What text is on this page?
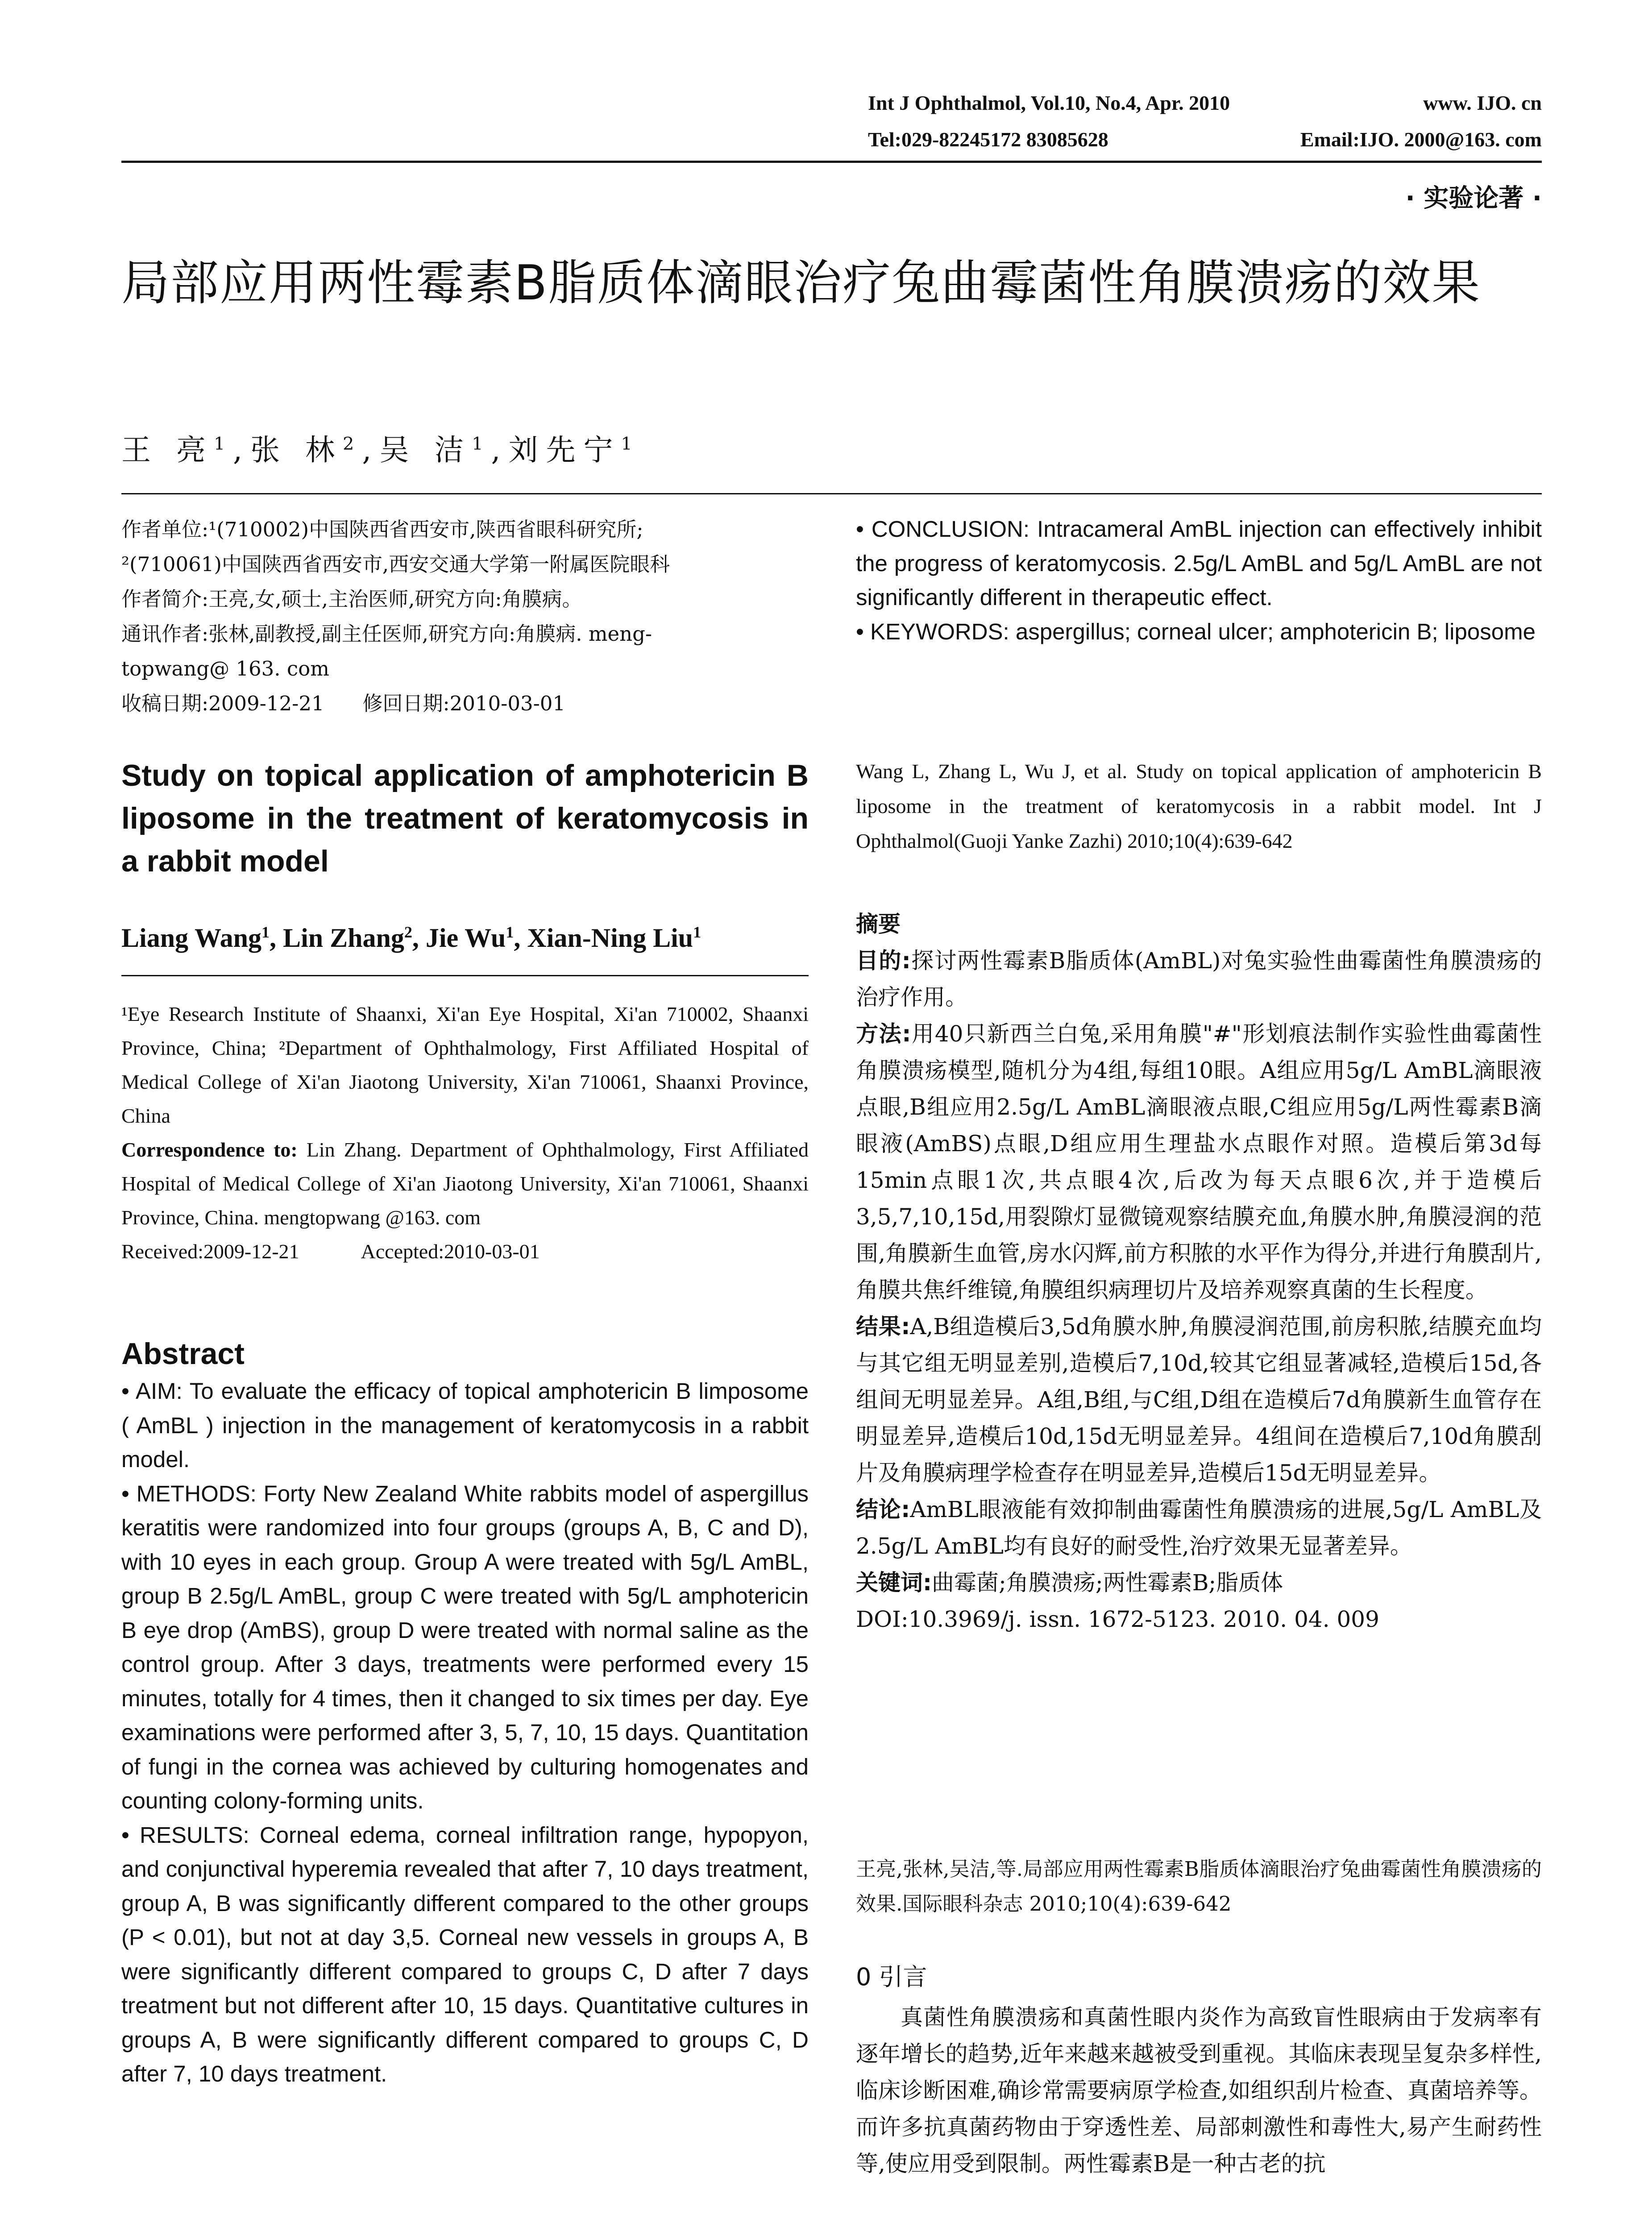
Int J Ophthalmol, Vol.10, No.4, Apr. 2010	www. IJO. cn
Tel:029-82245172 83085628	Email:IJO. 2000@163. com
· 实验论著 ·
局部应用两性霉素B脂质体滴眼治疗兔曲霉菌性角膜溃疡的效果
王 亮$^1$,张 林$^2$,吴 洁$^1$,刘先宁$^1$
作者单位:¹(710002)中国陕西省西安市,陕西省眼科研究所;
²(710061)中国陕西省西安市,西安交通大学第一附属医院眼科
作者简介:王亮,女,硕士,主治医师,研究方向:角膜病。
通讯作者:张林,副教授,副主任医师,研究方向:角膜病. meng-
topwang@ 163. com
收稿日期:2009-12-21 修回日期:2010-03-01
Study on topical application of amphotericin B liposome in the treatment of keratomycosis in a rabbit model
Liang Wang$^1$, Lin Zhang$^2$, Jie Wu$^1$, Xian-Ning Liu$^1$
¹Eye Research Institute of Shaanxi, Xi'an Eye Hospital, Xi'an 710002, Shaanxi Province, China; ²Department of Ophthalmology, First Affiliated Hospital of Medical College of Xi'an Jiaotong University, Xi'an 710061, Shaanxi Province, China
Correspondence to: Lin Zhang. Department of Ophthalmology, First Affiliated Hospital of Medical College of Xi'an Jiaotong University, Xi'an 710061, Shaanxi Province, China. mengtopwang @163. com
Received:2009-12-21	Accepted:2010-03-01
Abstract

• AIM: To evaluate the efficacy of topical amphotericin B limposome ( AmBL ) injection in the management of keratomycosis in a rabbit model.

• METHODS: Forty New Zealand White rabbits model of aspergillus keratitis were randomized into four groups (groups A, B, C and D), with 10 eyes in each group. Group A were treated with 5g/L AmBL, group B 2.5g/L AmBL, group C were treated with 5g/L amphotericin B eye drop (AmBS), group D were treated with normal saline as the control group. After 3 days, treatments were performed every 15 minutes, totally for 4 times, then it changed to six times per day. Eye examinations were performed after 3, 5, 7, 10, 15 days. Quantitation of fungi in the cornea was achieved by culturing homogenates and counting colony-forming units.

• RESULTS: Corneal edema, corneal infiltration range, hypopyon, and conjunctival hyperemia revealed that after 7, 10 days treatment, group A, B was significantly different compared to the other groups (P < 0.01), but not at day 3,5. Corneal new vessels in groups A, B were significantly different compared to groups C, D after 7 days treatment but not different after 10, 15 days. Quantitative cultures in groups A, B were significantly different compared to groups C, D after 7, 10 days treatment.

• CONCLUSION: Intracameral AmBL injection can effectively inhibit the progress of keratomycosis. 2.5g/L AmBL and 5g/L AmBL are not significantly different in therapeutic effect.

• KEYWORDS: aspergillus; corneal ulcer; amphotericin B; liposome

Wang L, Zhang L, Wu J, et al. Study on topical application of amphotericin B liposome in the treatment of keratomycosis in a rabbit model. Int J Ophthalmol(Guoji Yanke Zazhi) 2010;10(4):639-642

摘要

目的:探讨两性霉素B脂质体(AmBL)对兔实验性曲霉菌性角膜溃疡的治疗作用。

方法:用40只新西兰白兔,采用角膜"#"形划痕法制作实验性曲霉菌性角膜溃疡模型,随机分为4组,每组10眼。A组应用5g/L AmBL滴眼液点眼,B组应用2.5g/L AmBL滴眼液点眼,C组应用5g/L两性霉素B滴眼液(AmBS)点眼,D组应用生理盐水点眼作对照。造模后第3d每15min点眼1次,共点眼4次,后改为每天点眼6次,并于造模后3,5,7,10,15d,用裂隙灯显微镜观察结膜充血,角膜水肿,角膜浸润的范围,角膜新生血管,房水闪辉,前方积脓的水平作为得分,并进行角膜刮片,角膜共焦纤维镜,角膜组织病理切片及培养观察真菌的生长程度。

结果:A,B组造模后3,5d角膜水肿,角膜浸润范围,前房积脓,结膜充血均与其它组无明显差别,造模后7,10d,较其它组显著减轻,造模后15d,各组间无明显差异。A组,B组,与C组,D组在造模后7d角膜新生血管存在明显差异,造模后10d,15d无明显差异。4组间在造模后7,10d角膜刮片及角膜病理学检查存在明显差异,造模后15d无明显差异。

结论:AmBL眼液能有效抑制曲霉菌性角膜溃疡的进展,5g/L AmBL及2.5g/L AmBL均有良好的耐受性,治疗效果无显著差异。

关键词:曲霉菌;角膜溃疡;两性霉素B;脂质体

DOI:10.3969/j. issn. 1672-5123. 2010. 04. 009

王亮,张林,吴洁,等.局部应用两性霉素B脂质体滴眼治疗兔曲霉菌性角膜溃疡的效果.国际眼科杂志 2010;10(4):639-642

0 引言

真菌性角膜溃疡和真菌性眼内炎作为高致盲性眼病由于发病率有逐年增长的趋势,近年来越来越被受到重视。其临床表现呈复杂多样性,临床诊断困难,确诊常需要病原学检查,如组织刮片检查、真菌培养等。而许多抗真菌药物由于穿透性差、局部刺激性和毒性大,易产生耐药性等,使应用受到限制。两性霉素B是一种古老的抗
